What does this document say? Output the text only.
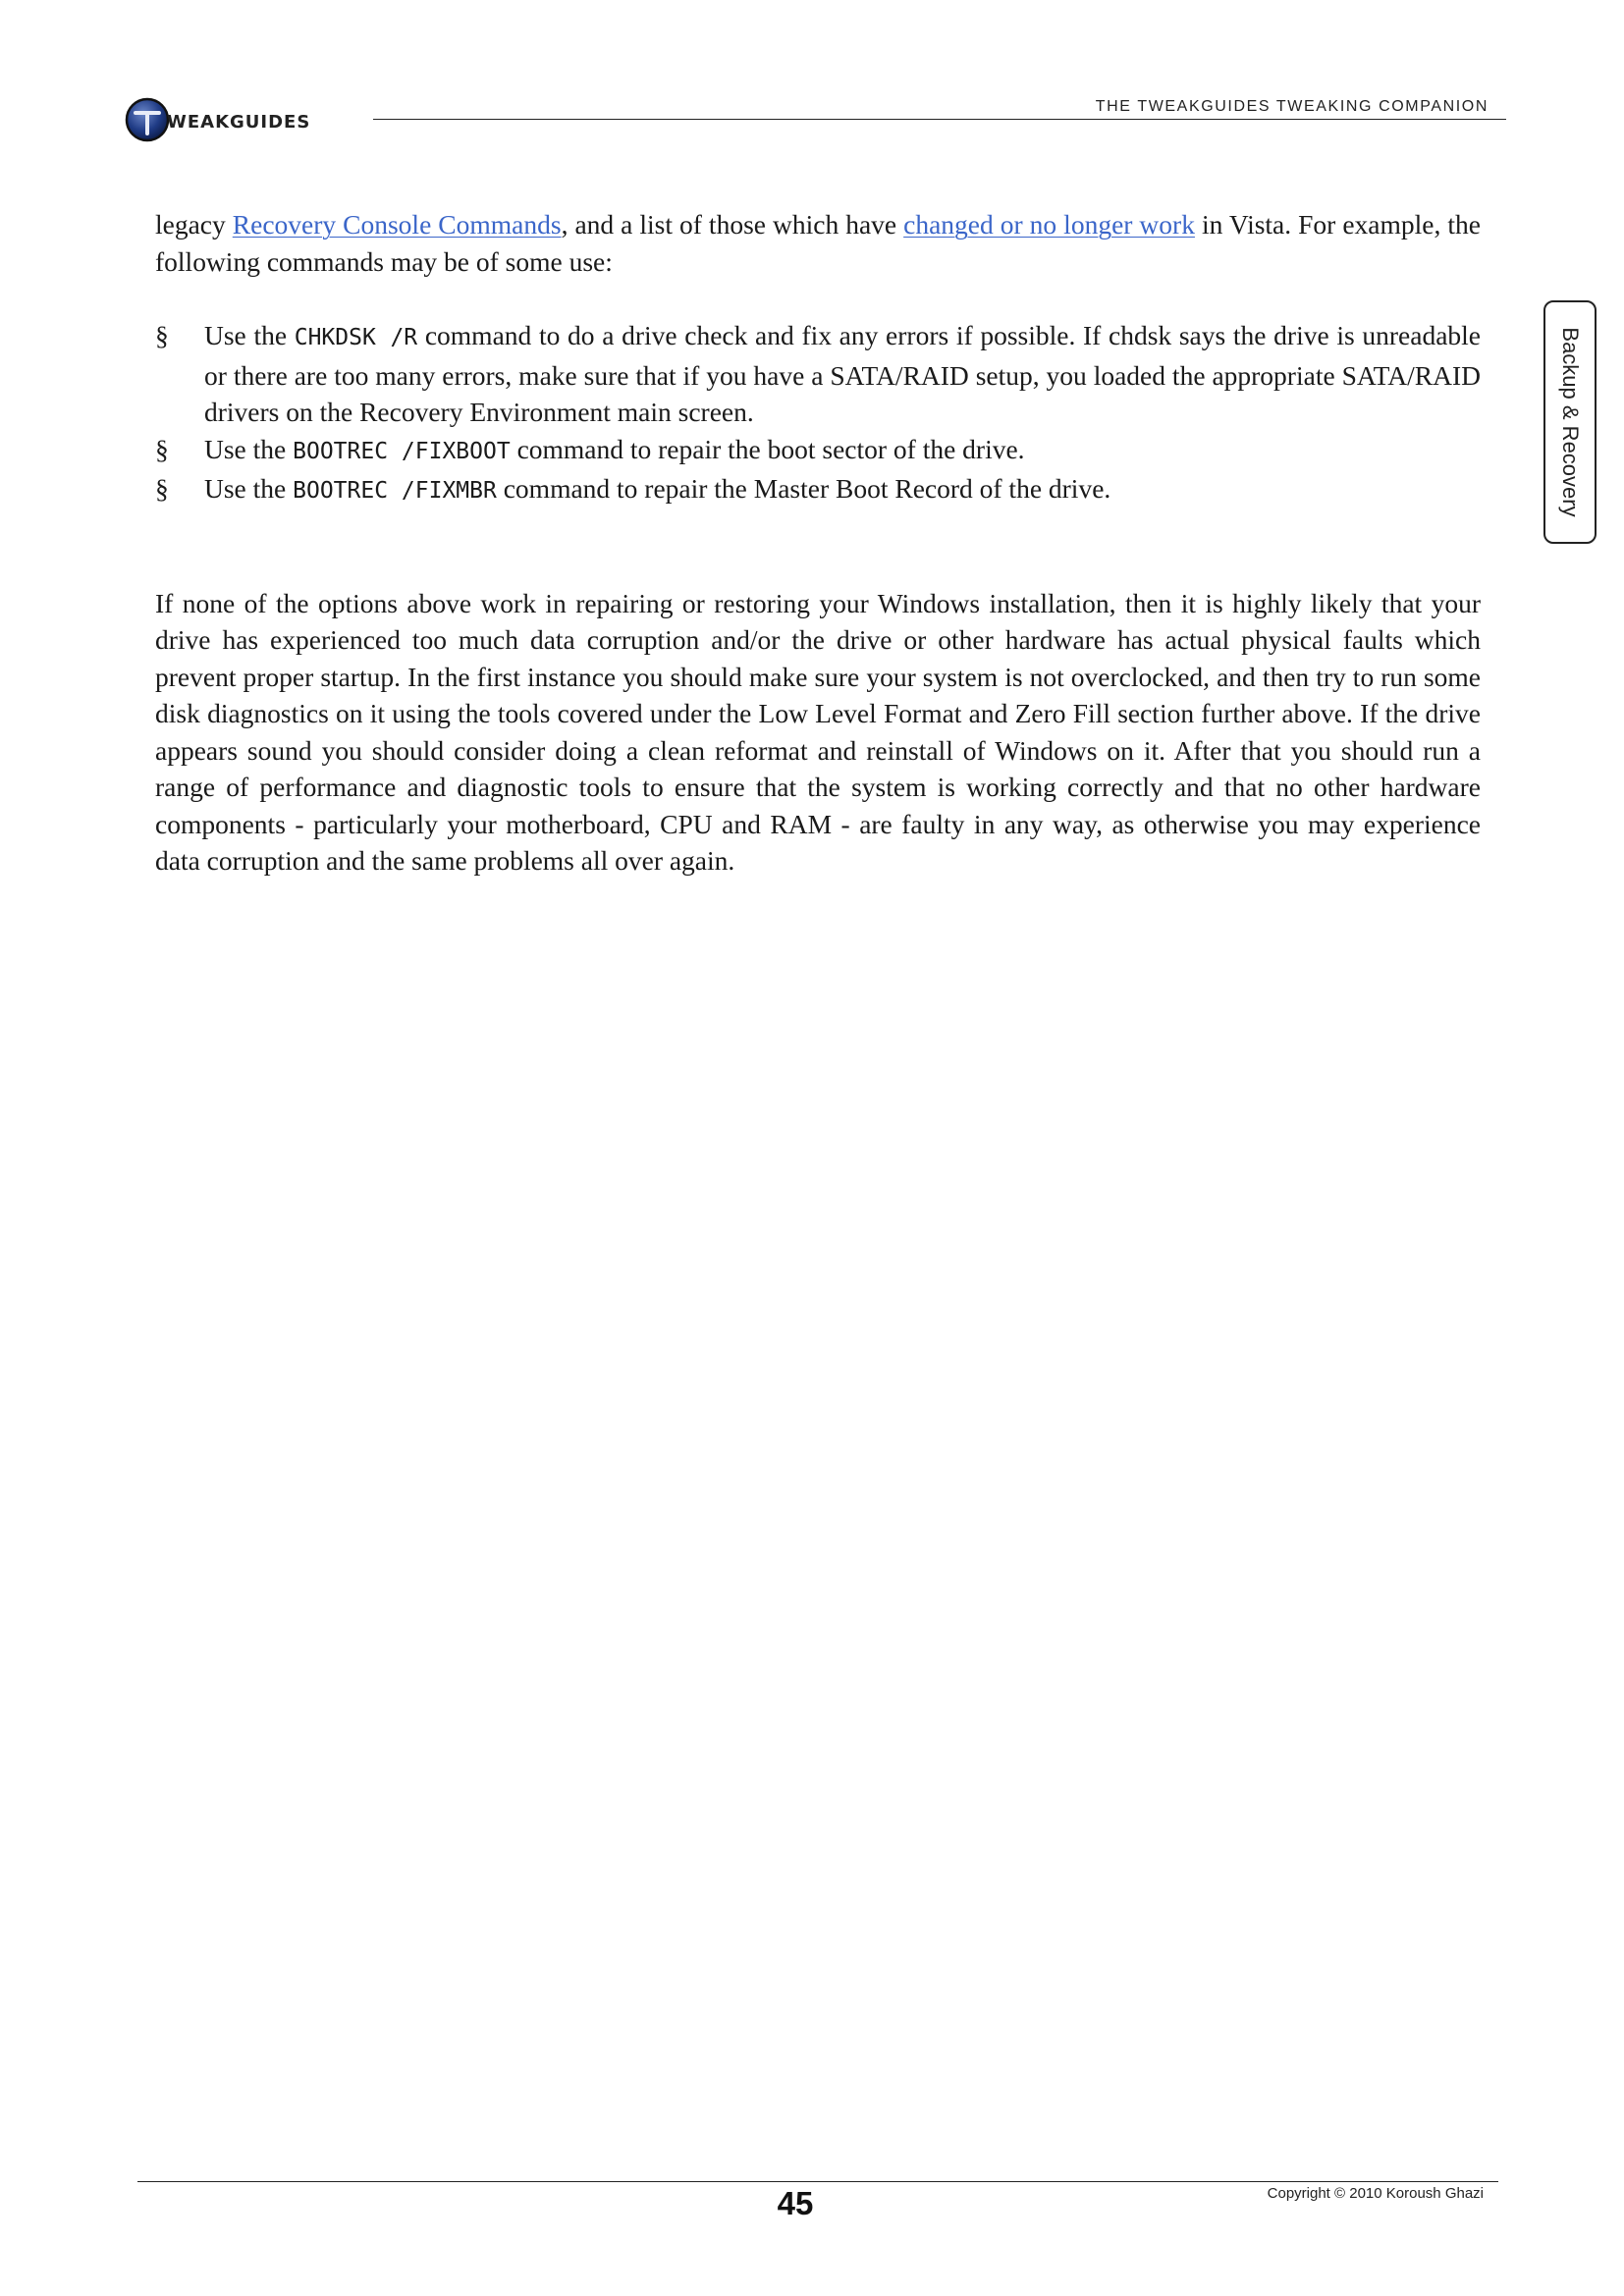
WEAKGUIDES
THE TWEAKGUIDES TWEAKING COMPANION
Backup & Recovery

legacy Recovery Console Commands, and a list of those which have changed or no longer work in Vista. For example, the following commands may be of some use:

§ Use the CHKDSK /R command to do a drive check and fix any errors if possible. If chdsk says the drive is unreadable or there are too many errors, make sure that if you have a SATA/RAID setup, you loaded the appropriate SATA/RAID drivers on the Recovery Environment main screen.
§ Use the BOOTREC /FIXBOOT command to repair the boot sector of the drive.
§ Use the BOOTREC /FIXMBR command to repair the Master Boot Record of the drive.

If none of the options above work in repairing or restoring your Windows installation, then it is highly likely that your drive has experienced too much data corruption and/or the drive or other hardware has actual physical faults which prevent proper startup. In the first instance you should make sure your system is not overclocked, and then try to run some disk diagnostics on it using the tools covered under the Low Level Format and Zero Fill section further above. If the drive appears sound you should consider doing a clean reformat and reinstall of Windows on it. After that you should run a range of performance and diagnostic tools to ensure that the system is working correctly and that no other hardware components - particularly your motherboard, CPU and RAM - are faulty in any way, as otherwise you may experience data corruption and the same problems all over again.

45	Copyright © 2010 Koroush Ghazi
